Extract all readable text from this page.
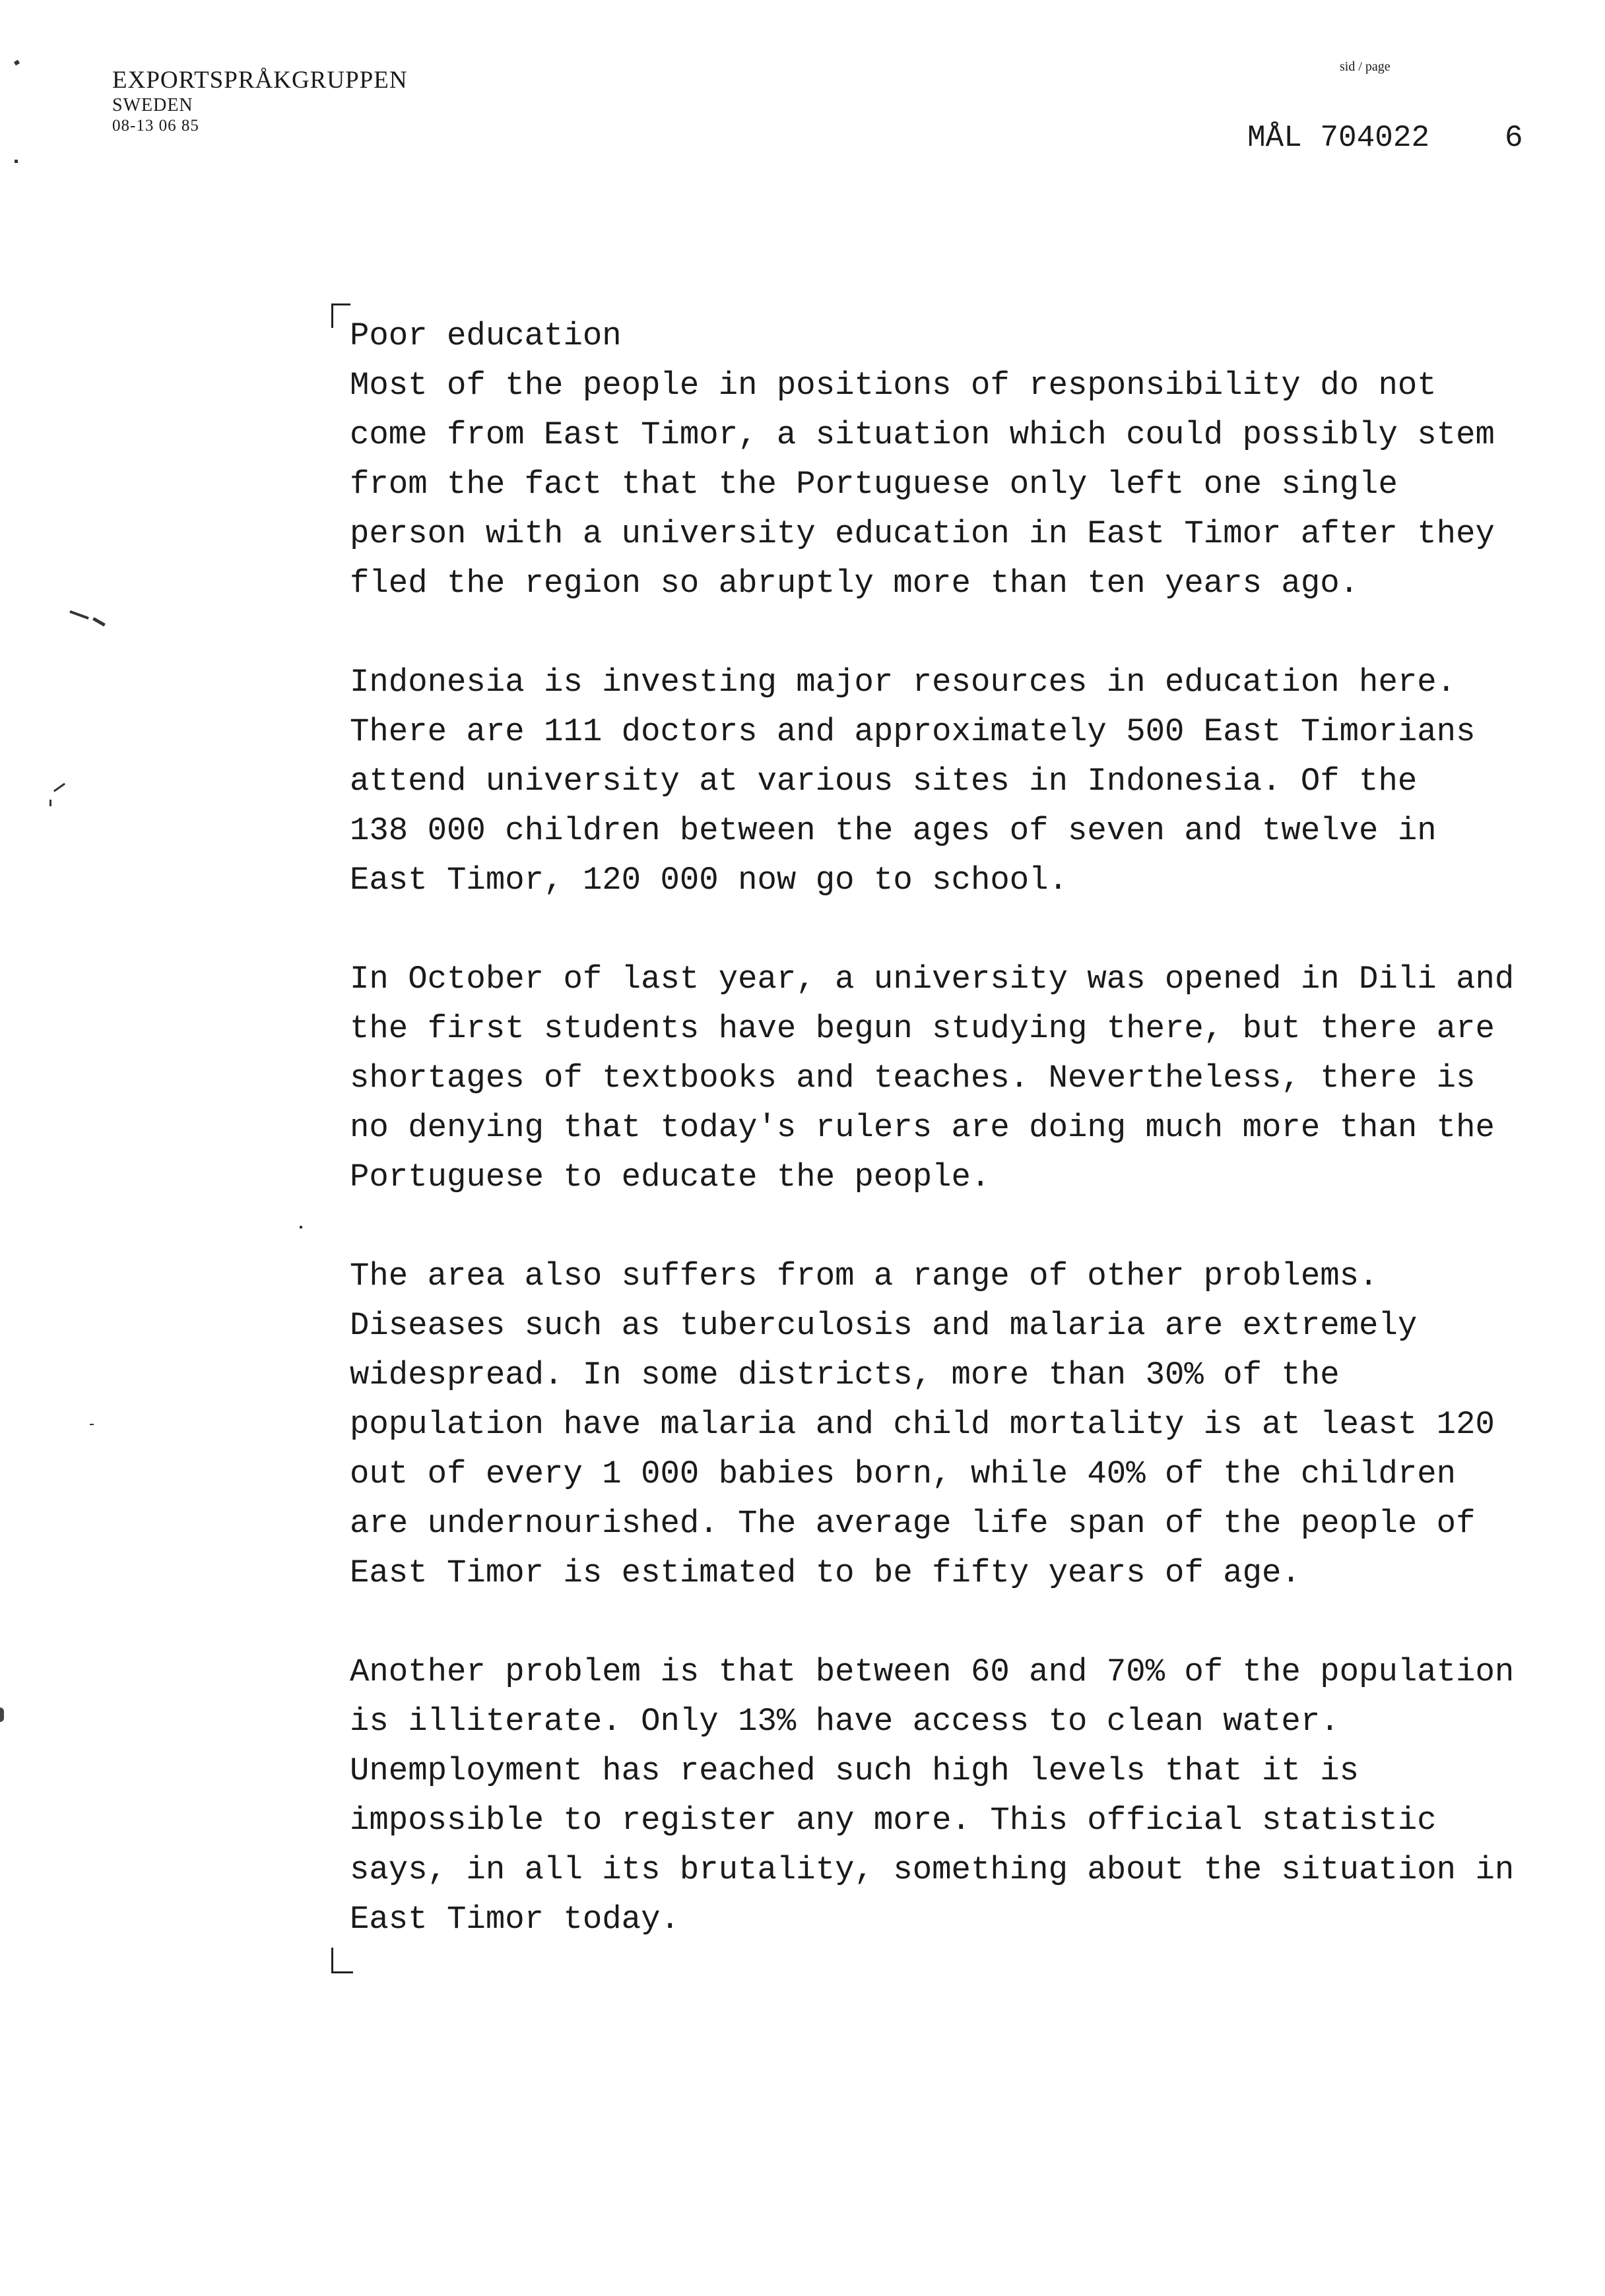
EXPORTSPRÅKGRUPPEN
SWEDEN
08-13 06 85
sid / page
MÅL 704022 6
Poor education
Most of the people in positions of responsibility do not
come from East Timor, a situation which could possibly stem
from the fact that the Portuguese only left one single
person with a university education in East Timor after they
fled the region so abruptly more than ten years ago.
Indonesia is investing major resources in education here.
There are 111 doctors and approximately 500 East Timorians
attend university at various sites in Indonesia. Of the
138 000 children between the ages of seven and twelve in
East Timor, 120 000 now go to school.
In October of last year, a university was opened in Dili and
the first students have begun studying there, but there are
shortages of textbooks and teaches. Nevertheless, there is
no denying that today's rulers are doing much more than the
Portuguese to educate the people.
The area also suffers from a range of other problems.
Diseases such as tuberculosis and malaria are extremely
widespread. In some districts, more than 30% of the
population have malaria and child mortality is at least 120
out of every 1 000 babies born, while 40% of the children
are undernourished. The average life span of the people of
East Timor is estimated to be fifty years of age.
Another problem is that between 60 and 70% of the population
is illiterate. Only 13% have access to clean water.
Unemployment has reached such high levels that it is
impossible to register any more. This official statistic
says, in all its brutality, something about the situation in
East Timor today.
